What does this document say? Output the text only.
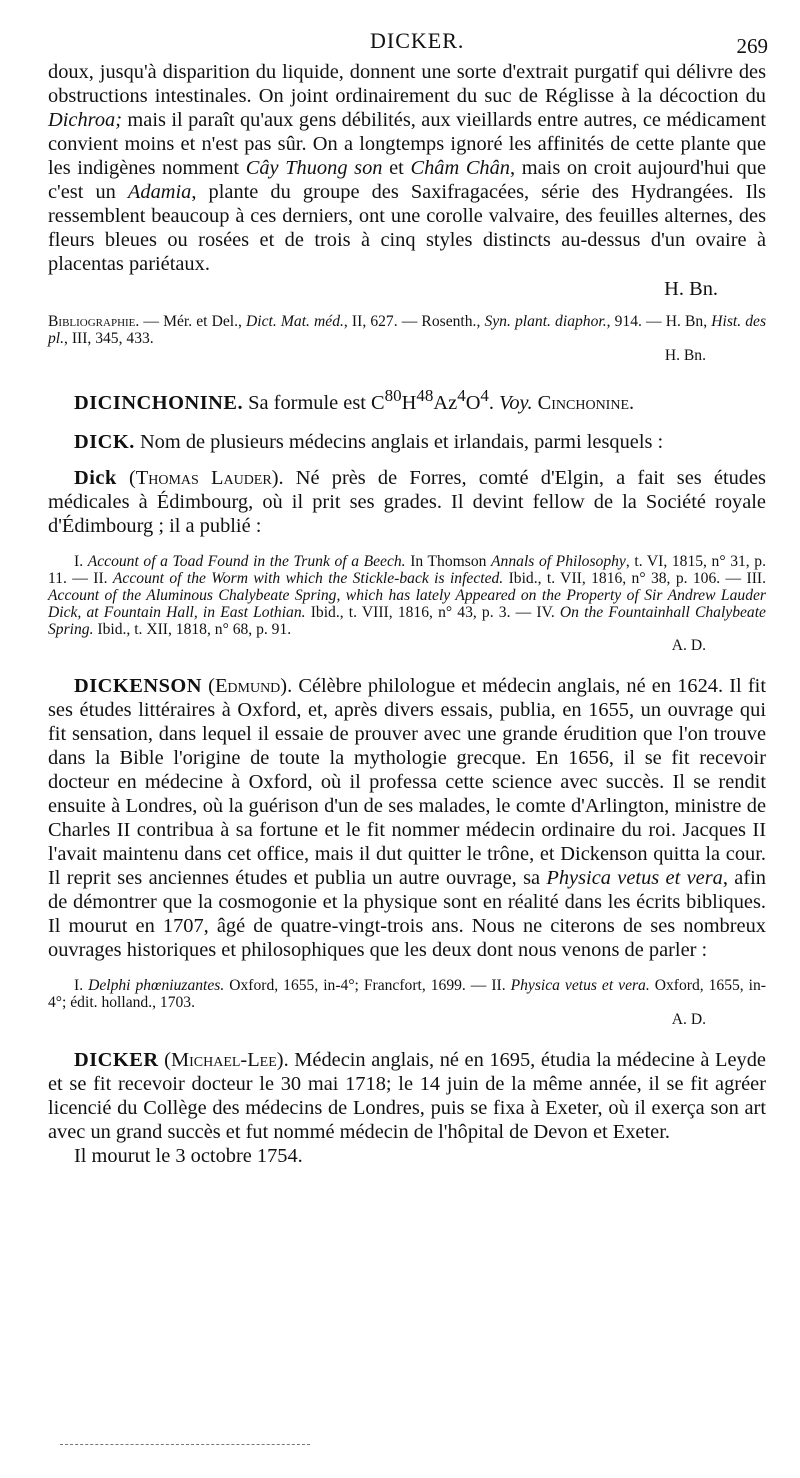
DICKER.	269

doux, jusqu'à disparition du liquide, donnent une sorte d'extrait purgatif qui délivre des obstructions intestinales. On joint ordinairement du suc de Réglisse à la décoction du Dichroa; mais il paraît qu'aux gens débilités, aux vieillards entre autres, ce médicament convient moins et n'est pas sûr. On a longtemps ignoré les affinités de cette plante que les indigènes nomment Cây Thuong son et Châm Chân, mais on croit aujourd'hui que c'est un Adamia, plante du groupe des Saxifragacées, série des Hydrangées. Ils ressemblent beaucoup à ces derniers, ont une corolle valvaire, des feuilles alternes, des fleurs bleues ou rosées et de trois à cinq styles distincts au-dessus d'un ovaire à placentas pariétaux.

H. Bn.

Bibliographie. — Mér. et Del., Dict. Mat. méd., II, 627. — Rosenth., Syn. plant. diaphor., 914. — H. Bn, Hist. des pl., III, 345, 433.

H. Bn.

DICINCHONINE. Sa formule est $C^{80}H^{48}Az^4O^4$. Voy. Cinchonine.

DICK. Nom de plusieurs médecins anglais et irlandais, parmi lesquels :

Dick (Thomas Lauder). Né près de Forres, comté d'Elgin, a fait ses études médicales à Édimbourg, où il prit ses grades. Il devint fellow de la Société royale d'Édimbourg ; il a publié :

I. Account of a Toad Found in the Trunk of a Beech. In Thomson Annals of Philosophy, t. VI, 1815, n° 31, p. 11. — II. Account of the Worm with which the Stickle-back is infected. Ibid., t. VII, 1816, n° 38, p. 106. — III. Account of the Aluminous Chalybeate Spring, which has lately Appeared on the Property of Sir Andrew Lauder Dick, at Fountain Hall, in East Lothian. Ibid., t. VIII, 1816, n° 43, p. 3. — IV. On the Fountainhall Chalybeate Spring. Ibid., t. XII, 1818, n° 68, p. 91.

A. D.

DICKENSON (Edmund). Célèbre philologue et médecin anglais, né en 1624. Il fit ses études littéraires à Oxford, et, après divers essais, publia, en 1655, un ouvrage qui fit sensation, dans lequel il essaie de prouver avec une grande érudition que l'on trouve dans la Bible l'origine de toute la mythologie grecque. En 1656, il se fit recevoir docteur en médecine à Oxford, où il professa cette science avec succès. Il se rendit ensuite à Londres, où la guérison d'un de ses malades, le comte d'Arlington, ministre de Charles II contribua à sa fortune et le fit nommer médecin ordinaire du roi. Jacques II l'avait maintenu dans cet office, mais il dut quitter le trône, et Dickenson quitta la cour. Il reprit ses anciennes études et publia un autre ouvrage, sa Physica vetus et vera, afin de démontrer que la cosmogonie et la physique sont en réalité dans les écrits bibliques. Il mourut en 1707, âgé de quatre-vingt-trois ans. Nous ne citerons de ses nombreux ouvrages historiques et philosophiques que les deux dont nous venons de parler :

I. Delphi phœniuzantes. Oxford, 1655, in-4°; Francfort, 1699. — II. Physica vetus et vera. Oxford, 1655, in-4°; édit. holland., 1703.

A. D.

DICKER (Michael-Lee). Médecin anglais, né en 1695, étudia la médecine à Leyde et se fit recevoir docteur le 30 mai 1718; le 14 juin de la même année, il se fit agréer licencié du Collège des médecins de Londres, puis se fixa à Exeter, où il exerça son art avec un grand succès et fut nommé médecin de l'hôpital de Devon et Exeter.

Il mourut le 3 octobre 1754.
